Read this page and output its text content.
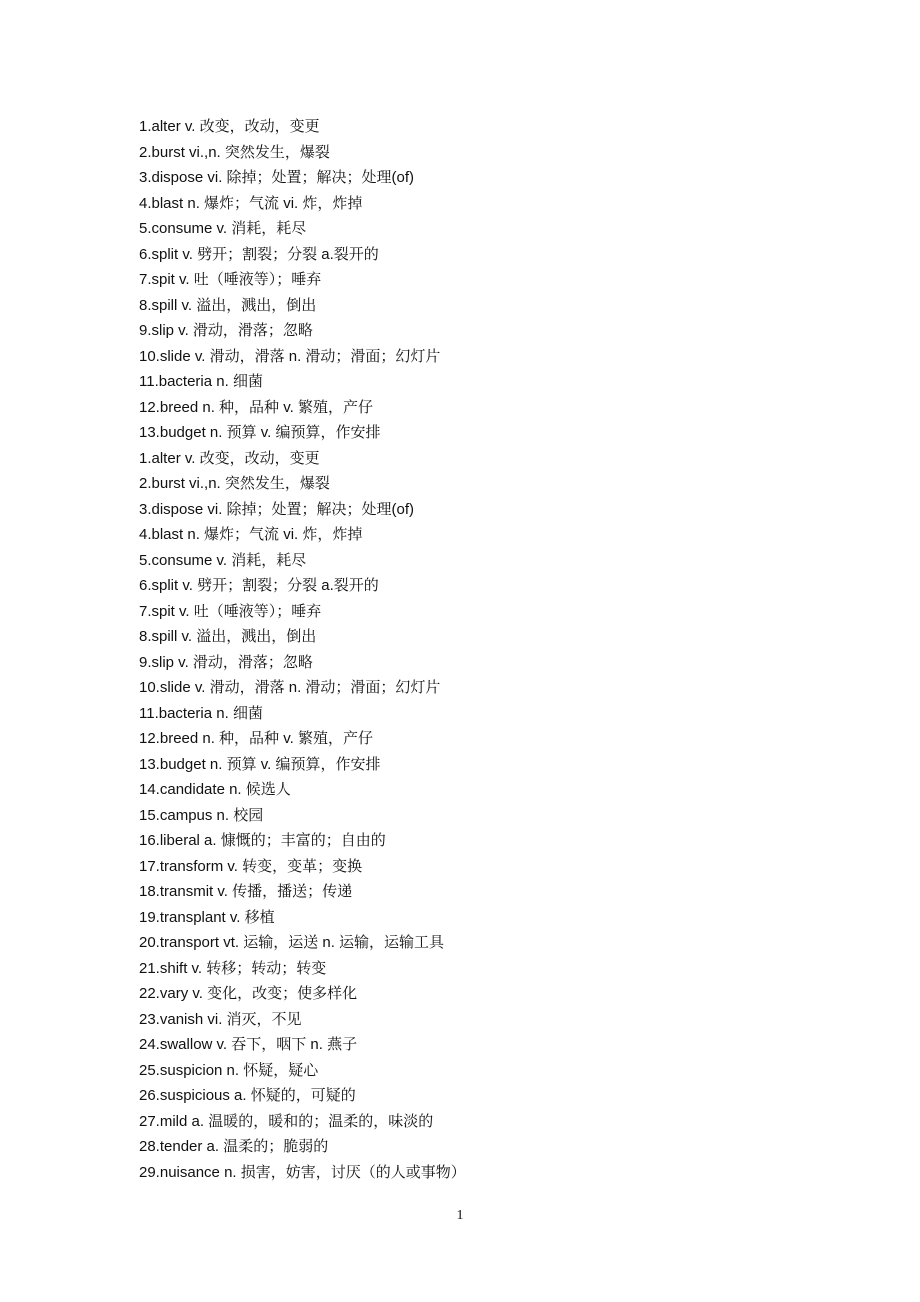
1.alter v. 改变，改动，变更
2.burst vi.,n. 突然发生，爆裂
3.dispose vi. 除掉；处置；解决；处理(of)
4.blast n. 爆炸；气流 vi. 炸，炸掉
5.consume v. 消耗，耗尽
6.split v. 劈开；割裂；分裂 a.裂开的
7.spit v. 吐（唾液等）；唾弃
8.spill v. 溢出，溅出，倒出
9.slip v. 滑动，滑落；忽略
10.slide v. 滑动，滑落 n. 滑动；滑面；幻灯片
11.bacteria n. 细菌
12.breed n. 种，品种 v. 繁殖，产仔
13.budget n. 预算 v. 编预算，作安排
1.alter v. 改变，改动，变更
2.burst vi.,n. 突然发生，爆裂
3.dispose vi. 除掉；处置；解决；处理(of)
4.blast n. 爆炸；气流 vi. 炸，炸掉
5.consume v. 消耗，耗尽
6.split v. 劈开；割裂；分裂 a.裂开的
7.spit v. 吐（唾液等）；唾弃
8.spill v. 溢出，溅出，倒出
9.slip v. 滑动，滑落；忽略
10.slide v. 滑动，滑落 n. 滑动；滑面；幻灯片
11.bacteria n. 细菌
12.breed n. 种，品种 v. 繁殖，产仔
13.budget n. 预算 v. 编预算，作安排
14.candidate n. 候选人
15.campus n. 校园
16.liberal a. 慷慨的；丰富的；自由的
17.transform v. 转变，变革；变换
18.transmit v. 传播，播送；传递
19.transplant v. 移植
20.transport vt. 运输，运送 n. 运输，运输工具
21.shift v. 转移；转动；转变
22.vary v. 变化，改变；使多样化
23.vanish vi. 消灭，不见
24.swallow v. 吞下，咽下 n. 燕子
25.suspicion n. 怀疑，疑心
26.suspicious a. 怀疑的，可疑的
27.mild a. 温暖的，暖和的；温柔的，味淡的
28.tender a. 温柔的；脆弱的
29.nuisance n. 损害，妨害，讨厌（的人或事物）
1
